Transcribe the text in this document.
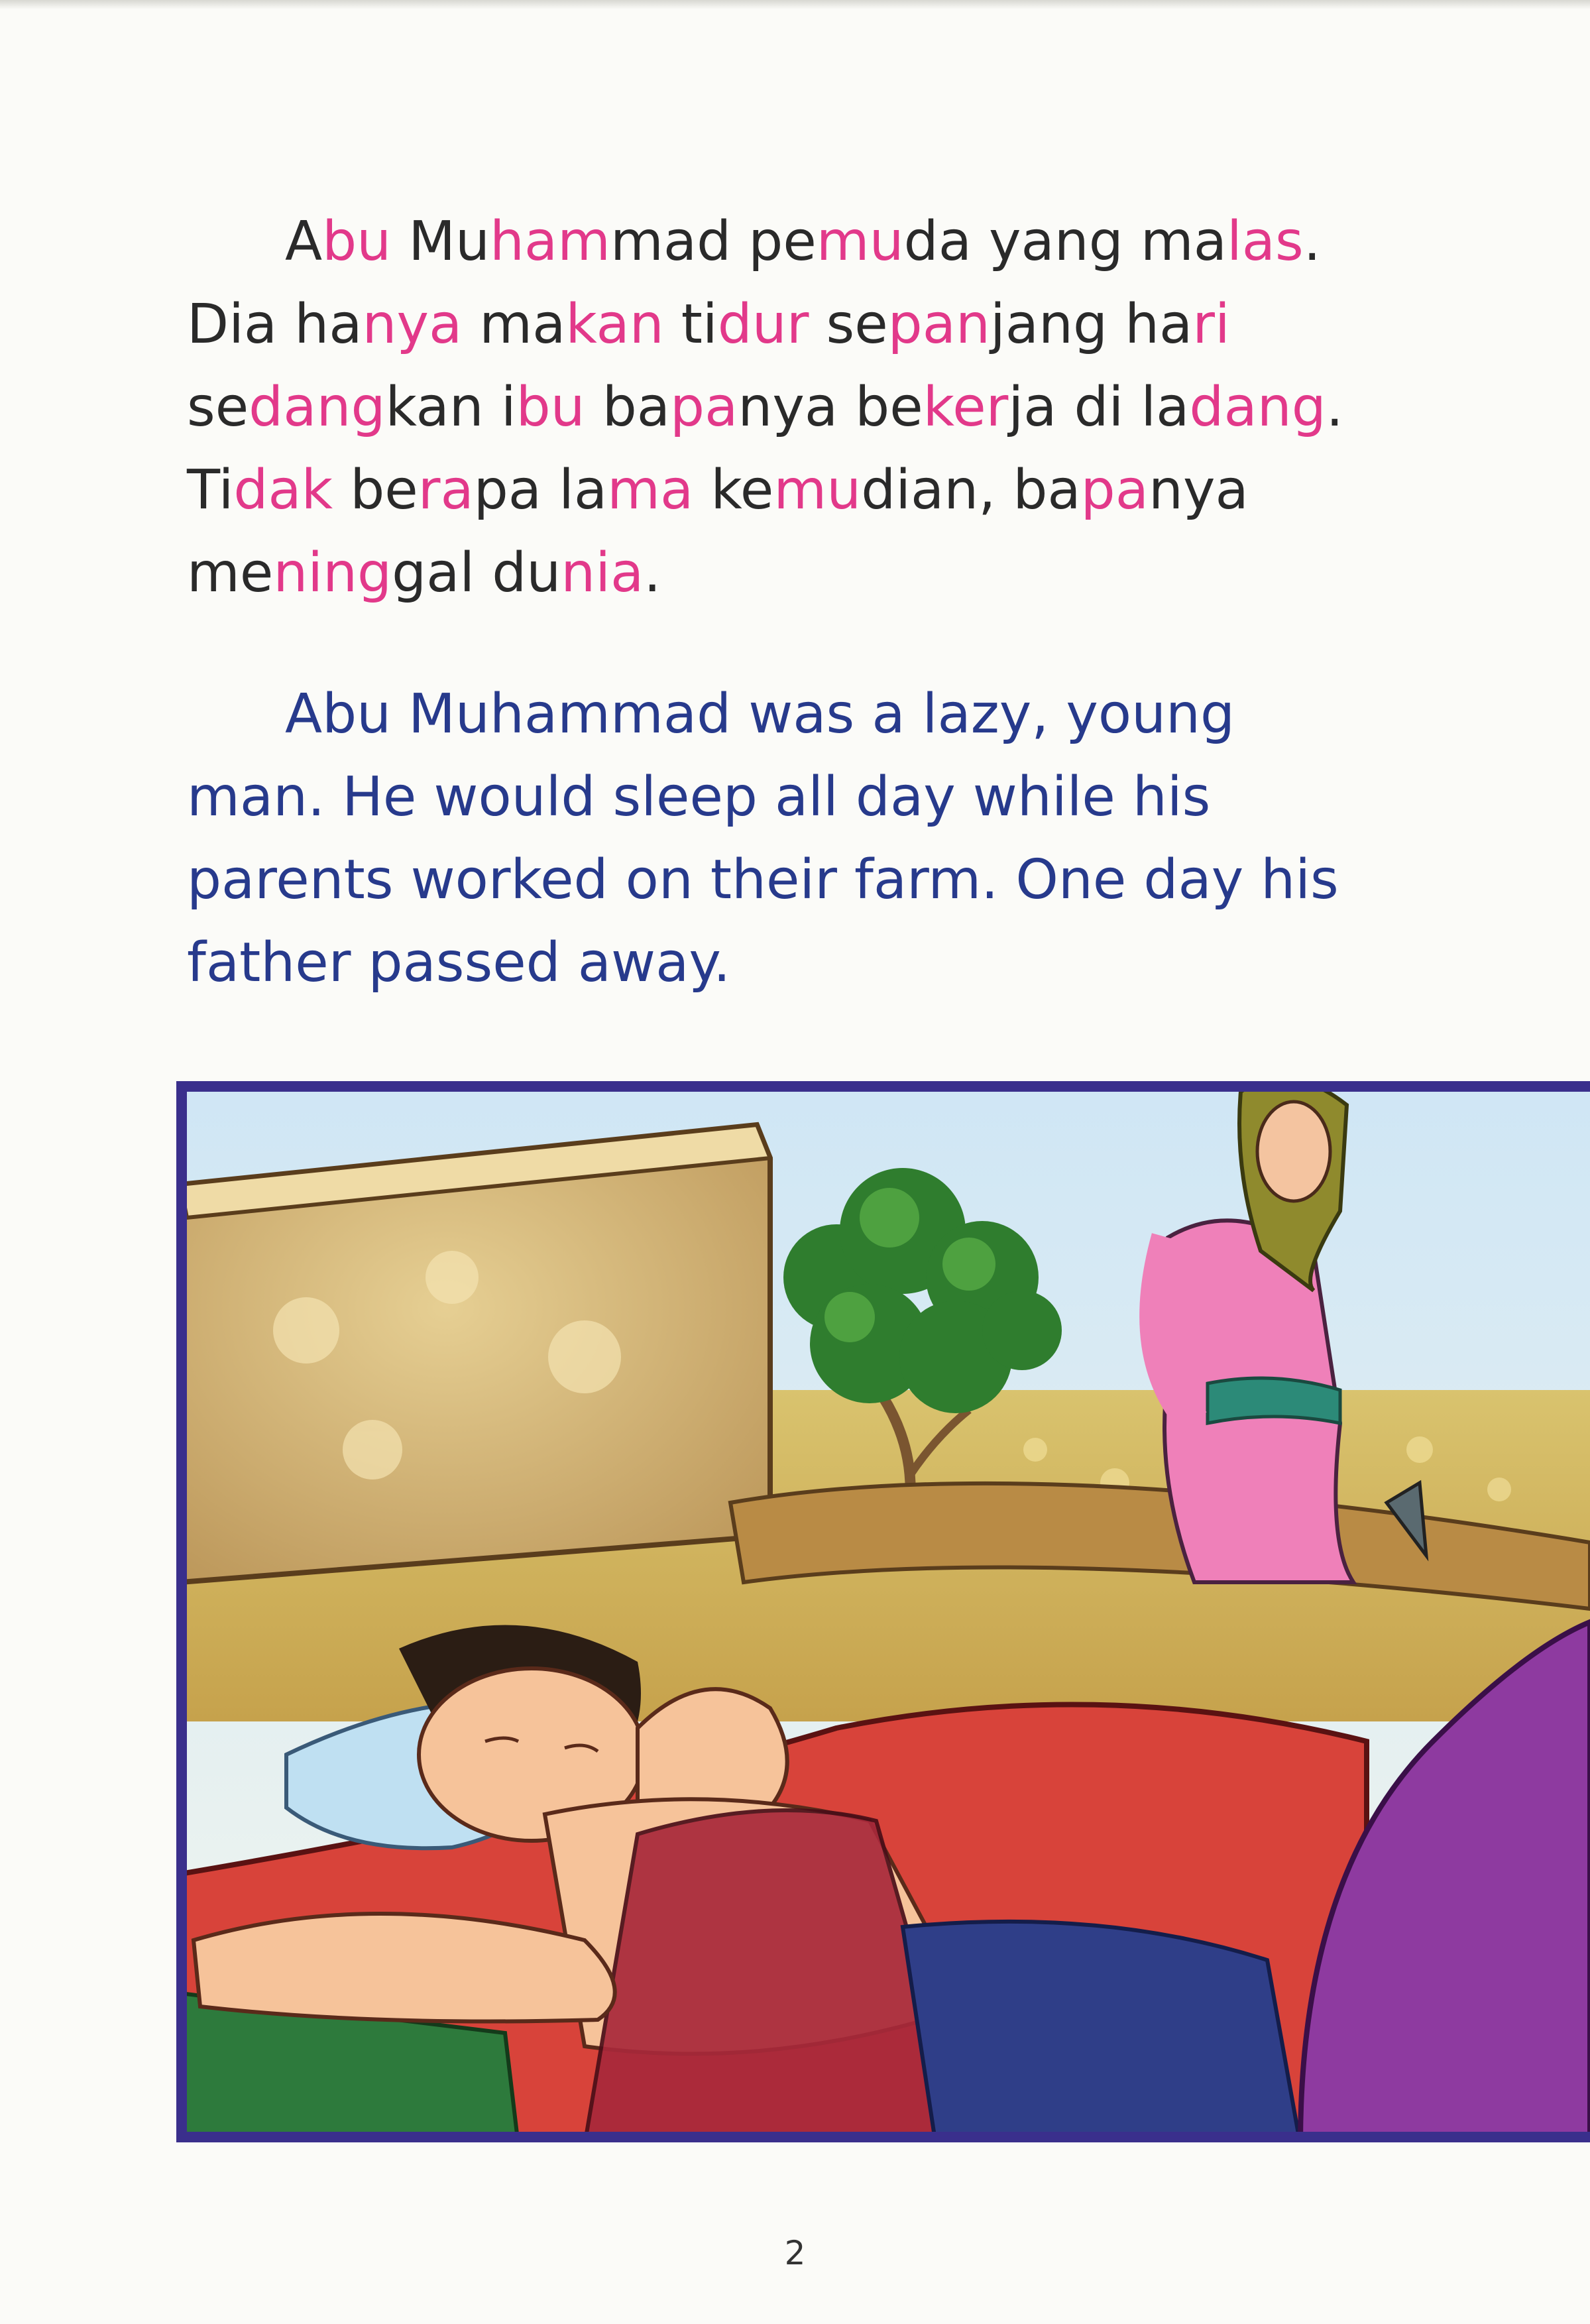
Abu Muhammad pemuda yang malas.
Dia hanya makan tidur sepanjang hari
sedangkan ibu bapanya bekerja di ladang.
Tidak berapa lama kemudian, bapanya
meninggal dunia.

Abu Muhammad was a lazy, young
man. He would sleep all day while his
parents worked on their farm. One day his
father passed away.

2
